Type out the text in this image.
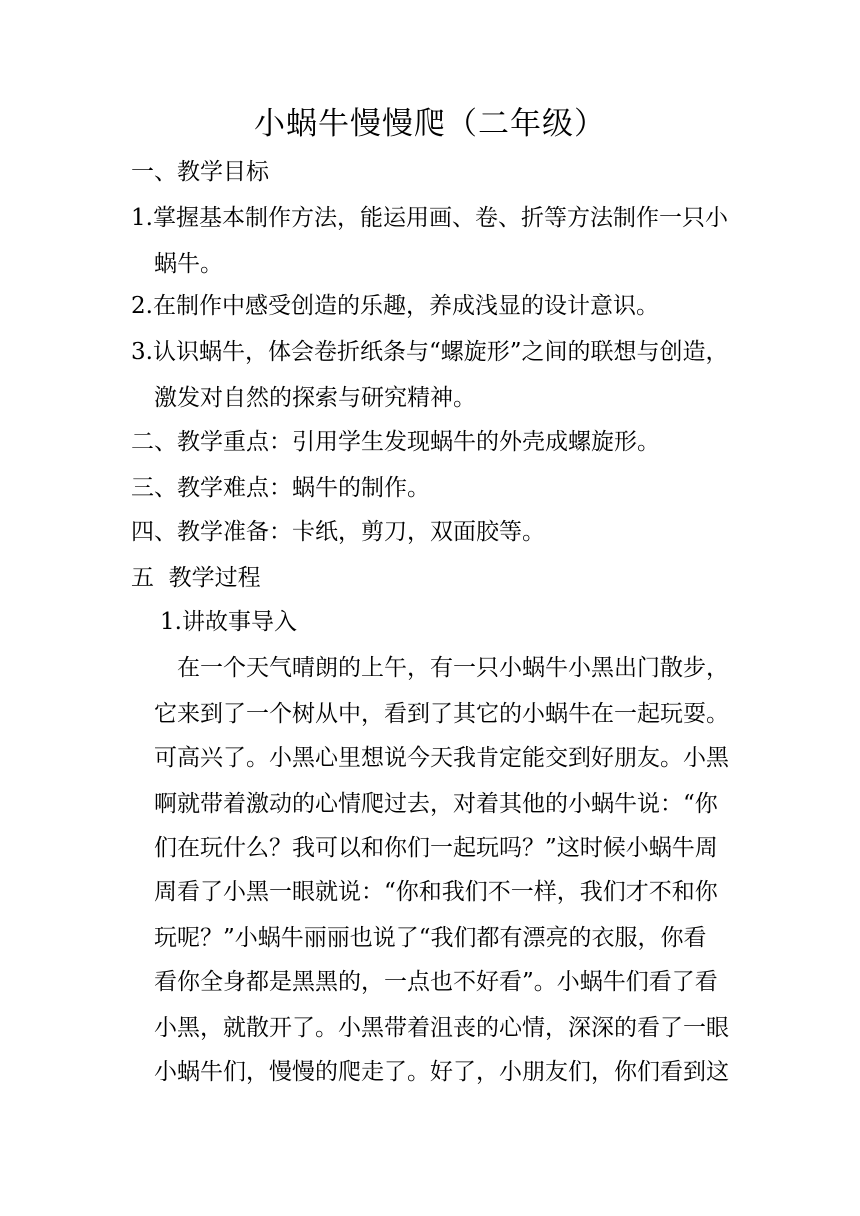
小蜗牛慢慢爬（二年级）
一、教学目标
1.掌握基本制作方法，能运用画、卷、折等方法制作一只小
蜗牛。
2.在制作中感受创造的乐趣，养成浅显的设计意识。
3.认识蜗牛，体会卷折纸条与“螺旋形”之间的联想与创造，
激发对自然的探索与研究精神。
二、教学重点：引用学生发现蜗牛的外壳成螺旋形。
三、教学难点：蜗牛的制作。
四、教学准备：卡纸，剪刀，双面胶等。
五  教学过程
1.讲故事导入
在一个天气晴朗的上午，有一只小蜗牛小黑出门散步，
它来到了一个树从中，看到了其它的小蜗牛在一起玩耍。
可高兴了。小黑心里想说今天我肯定能交到好朋友。小黑
啊就带着激动的心情爬过去，对着其他的小蜗牛说：“你
们在玩什么？我可以和你们一起玩吗？”这时候小蜗牛周
周看了小黑一眼就说：“你和我们不一样，我们才不和你
玩呢？”小蜗牛丽丽也说了“我们都有漂亮的衣服，你看
看你全身都是黑黑的，一点也不好看”。小蜗牛们看了看
小黑，就散开了。小黑带着沮丧的心情，深深的看了一眼
小蜗牛们，慢慢的爬走了。好了，小朋友们，你们看到这
